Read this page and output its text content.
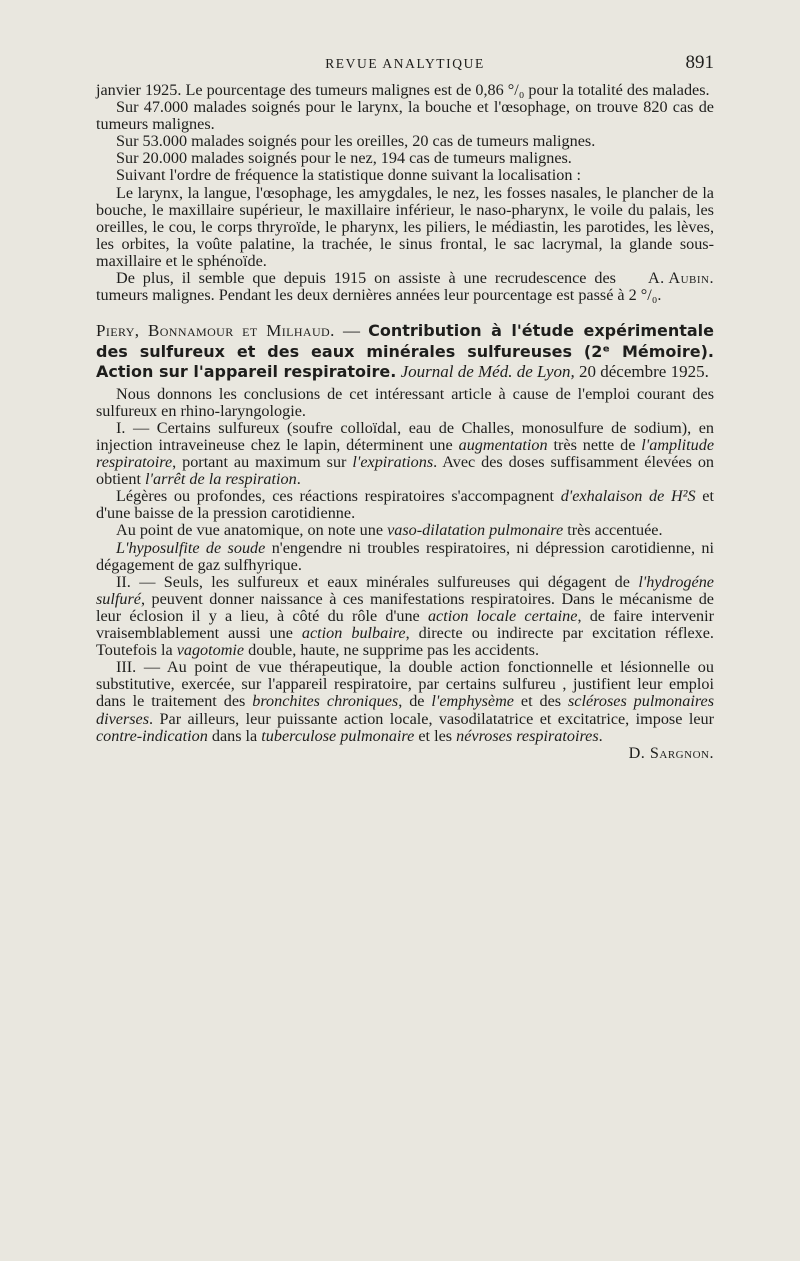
REVUE ANALYTIQUE	891

janvier 1925. Le pourcentage des tumeurs malignes est de 0,86 °/₀ pour la totalité des malades.

Sur 47.000 malades soignés pour le larynx, la bouche et l'œsophage, on trouve 820 cas de tumeurs malignes.

Sur 53.000 malades soignés pour les oreilles, 20 cas de tumeurs malignes.

Sur 20.000 malades soignés pour le nez, 194 cas de tumeurs malignes.

Suivant l'ordre de fréquence la statistique donne suivant la localisation :

Le larynx, la langue, l'œsophage, les amygdales, le nez, les fosses nasales, le plancher de la bouche, le maxillaire supérieur, le maxillaire inférieur, le naso-pharynx, le voile du palais, les oreilles, le cou, le corps thryroïde, le pharynx, les piliers, le médiastin, les parotides, les lèves, les orbites, la voûte palatine, la trachée, le sinus frontal, le sac lacrymal, la glande sous-maxillaire et le sphénoïde.

A. Aubin.
De plus, il semble que depuis 1915 on assiste à une recrudescence des tumeurs malignes. Pendant les deux dernières années leur pourcentage est passé à 2 °/₀.

Piery, Bonnamour et Milhaud. — Contribution à l'étude expérimentale des sulfureux et des eaux minérales sulfureuses (2ᵉ Mémoire). Action sur l'appareil respiratoire. Journal de Méd. de Lyon, 20 décembre 1925.

Nous donnons les conclusions de cet intéressant article à cause de l'emploi courant des sulfureux en rhino-laryngologie.

I. — Certains sulfureux (soufre colloïdal, eau de Challes, monosulfure de sodium), en injection intraveineuse chez le lapin, déterminent une augmentation très nette de l'amplitude respiratoire, portant au maximum sur l'expirations. Avec des doses suffisamment élevées on obtient l'arrêt de la respiration.

Légères ou profondes, ces réactions respiratoires s'accompagnent d'exhalaison de H²S et d'une baisse de la pression carotidienne.

Au point de vue anatomique, on note une vaso-dilatation pulmonaire très accentuée.

L'hyposulfite de soude n'engendre ni troubles respiratoires, ni dépression carotidienne, ni dégagement de gaz sulfhyrique.

II. — Seuls, les sulfureux et eaux minérales sulfureuses qui dégagent de l'hydrogéne sulfuré, peuvent donner naissance à ces manifestations respiratoires. Dans le mécanisme de leur éclosion il y a lieu, à côté du rôle d'une action locale certaine, de faire intervenir vraisemblablement aussi une action bulbaire, directe ou indirecte par excitation réflexe. Toutefois la vagotomie double, haute, ne supprime pas les accidents.

III. — Au point de vue thérapeutique, la double action fonctionnelle et lésionnelle ou substitutive, exercée, sur l'appareil respiratoire, par certains sulfureu , justifient leur emploi dans le traitement des bronchites chroniques, de l'emphysème et des scléroses pulmonaires diverses. Par ailleurs, leur puissante action locale, vasodilatatrice et excitatrice, impose leur contre-indication dans la tuberculose pulmonaire et les névroses respiratoires.
D. Sargnon.
